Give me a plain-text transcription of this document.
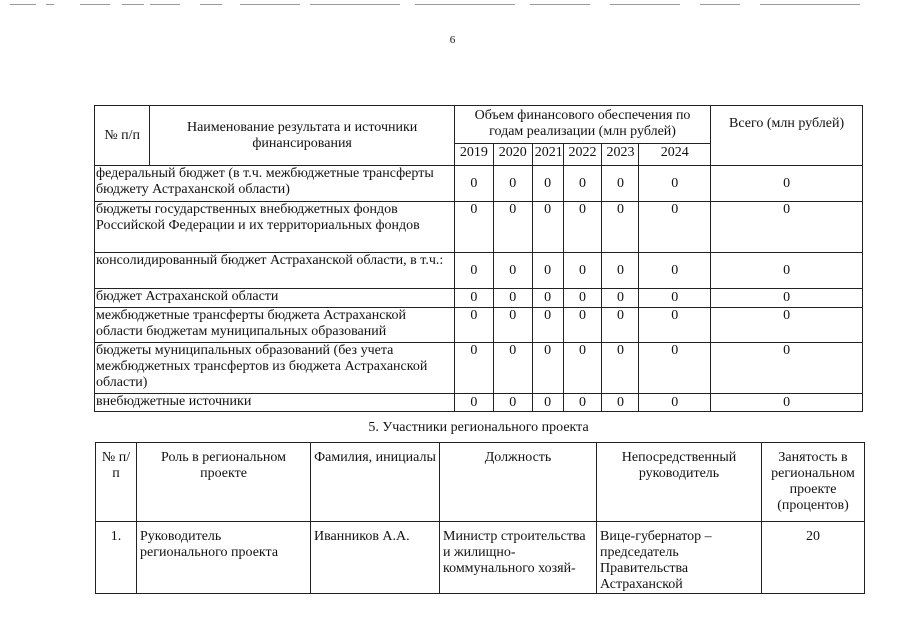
6
№ п/п	Наименование результата и источники финансирования	Объем финансового обеспечения по годам реализации (млн рублей)						Всего (млн рублей)
		2019	2020	2021	2022	2023	2024	
федеральный бюджет (в т.ч. межбюджетные трансферты бюджету Астраханской области)		0	0	0	0	0	0	0
бюджеты государственных внебюджетных фондов Российской Федерации и их территориальных фондов		0	0	0	0	0	0	0
консолидированный бюджет Астраханской области, в т.ч.:		0	0	0	0	0	0	0
бюджет Астраханской области		0	0	0	0	0	0	0
межбюджетные трансферты бюджета Астраханской области бюджетам муниципальных образований		0	0	0	0	0	0	0
бюджеты муниципальных образований (без учета межбюджетных трансфертов из бюджета Астраханской области)		0	0	0	0	0	0	0
внебюджетные источники		0	0	0	0	0	0	0
5. Участники регионального проекта
№ п/п	Роль в региональном проекте	Фамилия, инициалы	Должность	Непосредственный руководитель	Занятость в региональном проекте (процентов)
1.	Руководитель регионального проекта	Иванников А.А.	Министр строительства и жилищно-коммунального хозяй-	Вице-губернатор – председатель Правительства Астраханской	20
